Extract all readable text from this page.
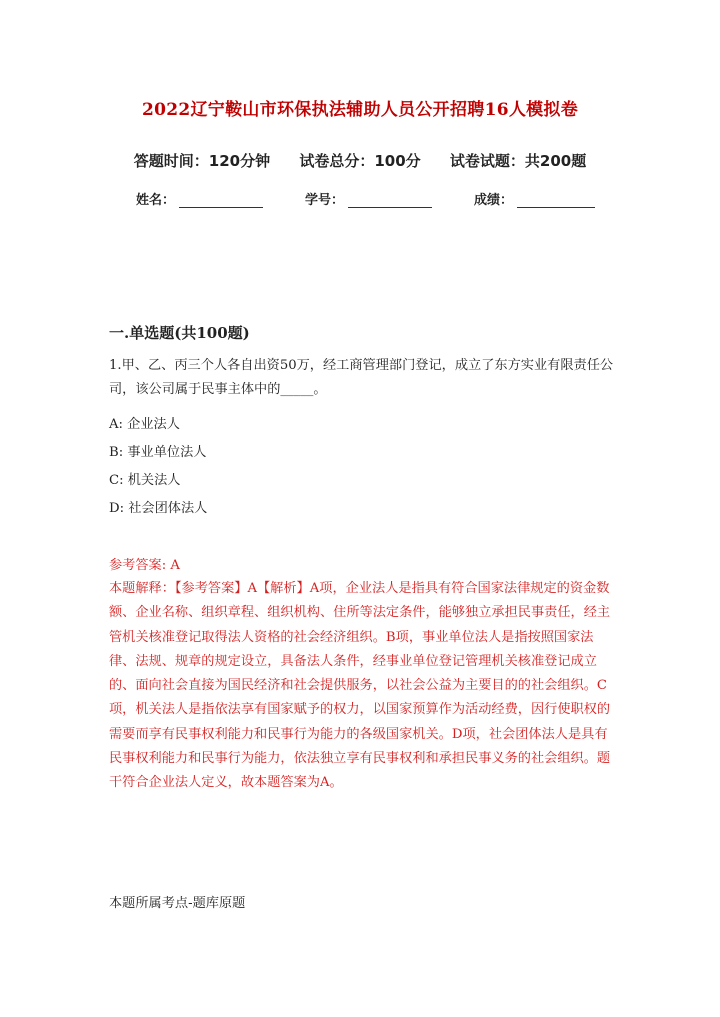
2022辽宁鞍山市环保执法辅助人员公开招聘16人模拟卷
答题时间：120分钟 试卷总分：100分 试卷试题：共200题
姓名：	学号：	成绩：
一.单选题(共100题)
1.甲、乙、丙三个人各自出资50万，经工商管理部门登记，成立了东方实业有限责任公司，该公司属于民事主体中的_____。
A: 企业法人
B: 事业单位法人
C: 机关法人
D: 社会团体法人
参考答案: A
本题解释：【参考答案】A【解析】A项，企业法人是指具有符合国家法律规定的资金数额、企业名称、组织章程、组织机构、住所等法定条件，能够独立承担民事责任，经主管机关核准登记取得法人资格的社会经济组织。B项，事业单位法人是指按照国家法律、法规、规章的规定设立，具备法人条件，经事业单位登记管理机关核准登记成立的、面向社会直接为国民经济和社会提供服务，以社会公益为主要目的的社会组织。C项，机关法人是指依法享有国家赋予的权力，以国家预算作为活动经费，因行使职权的需要而享有民事权利能力和民事行为能力的各级国家机关。D项，社会团体法人是具有民事权利能力和民事行为能力，依法独立享有民事权利和承担民事义务的社会组织。题干符合企业法人定义，故本题答案为A。
本题所属考点-题库原题
